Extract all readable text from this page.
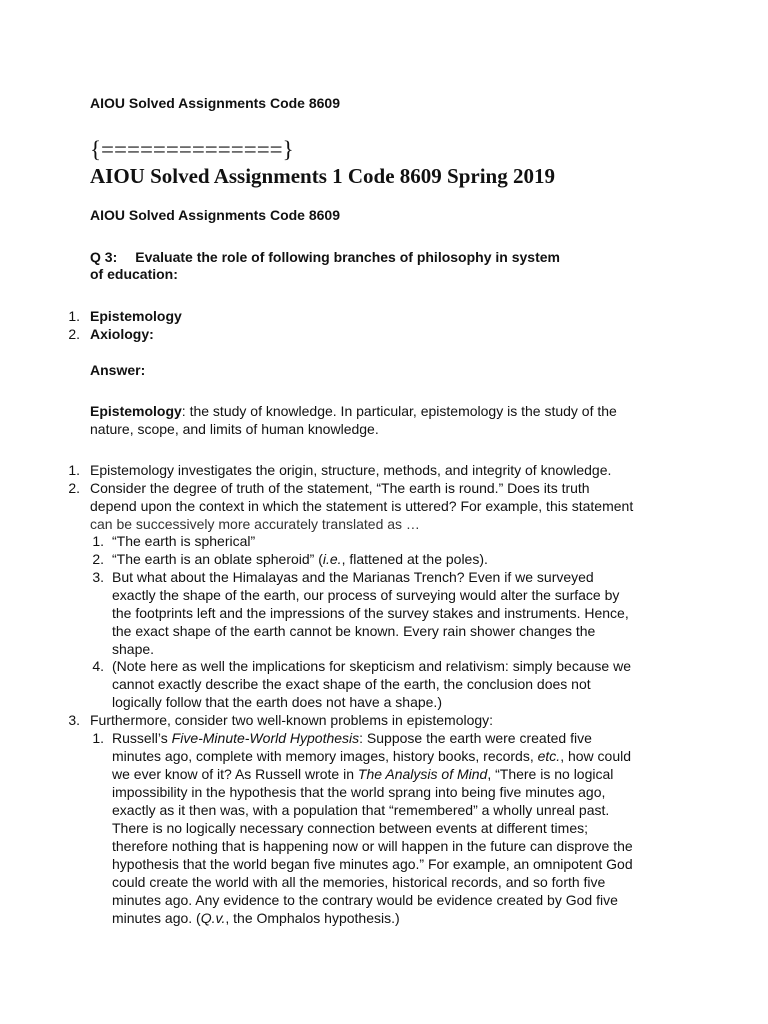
AIOU Solved Assignments Code 8609
{==============}
AIOU Solved Assignments 1 Code 8609 Spring 2019
AIOU Solved Assignments Code 8609
Q 3: Evaluate the role of following branches of philosophy in system
of education:
1. Epistemology
2. Axiology:
Answer:
Epistemology: the study of knowledge. In particular, epistemology is the study of the
nature, scope, and limits of human knowledge.
1. Epistemology investigates the origin, structure, methods, and integrity of knowledge.
2. Consider the degree of truth of the statement, “The earth is round.” Does its truth
depend upon the context in which the statement is uttered? For example, this statement
can be successively more accurately translated as …
1. “The earth is spherical”
2. “The earth is an oblate spheroid” (i.e., flattened at the poles).
3. But what about the Himalayas and the Marianas Trench? Even if we surveyed
exactly the shape of the earth, our process of surveying would alter the surface by
the footprints left and the impressions of the survey stakes and instruments. Hence,
the exact shape of the earth cannot be known. Every rain shower changes the
shape.
4. (Note here as well the implications for skepticism and relativism: simply because we
cannot exactly describe the exact shape of the earth, the conclusion does not
logically follow that the earth does not have a shape.)
3. Furthermore, consider two well-known problems in epistemology:
1. Russell’s Five-Minute-World Hypothesis: Suppose the earth were created five
minutes ago, complete with memory images, history books, records, etc., how could
we ever know of it? As Russell wrote in The Analysis of Mind, “There is no logical
impossibility in the hypothesis that the world sprang into being five minutes ago,
exactly as it then was, with a population that “remembered” a wholly unreal past.
There is no logically necessary connection between events at different times;
therefore nothing that is happening now or will happen in the future can disprove the
hypothesis that the world began five minutes ago.” For example, an omnipotent God
could create the world with all the memories, historical records, and so forth five
minutes ago. Any evidence to the contrary would be evidence created by God five
minutes ago. (Q.v., the Omphalos hypothesis.)
